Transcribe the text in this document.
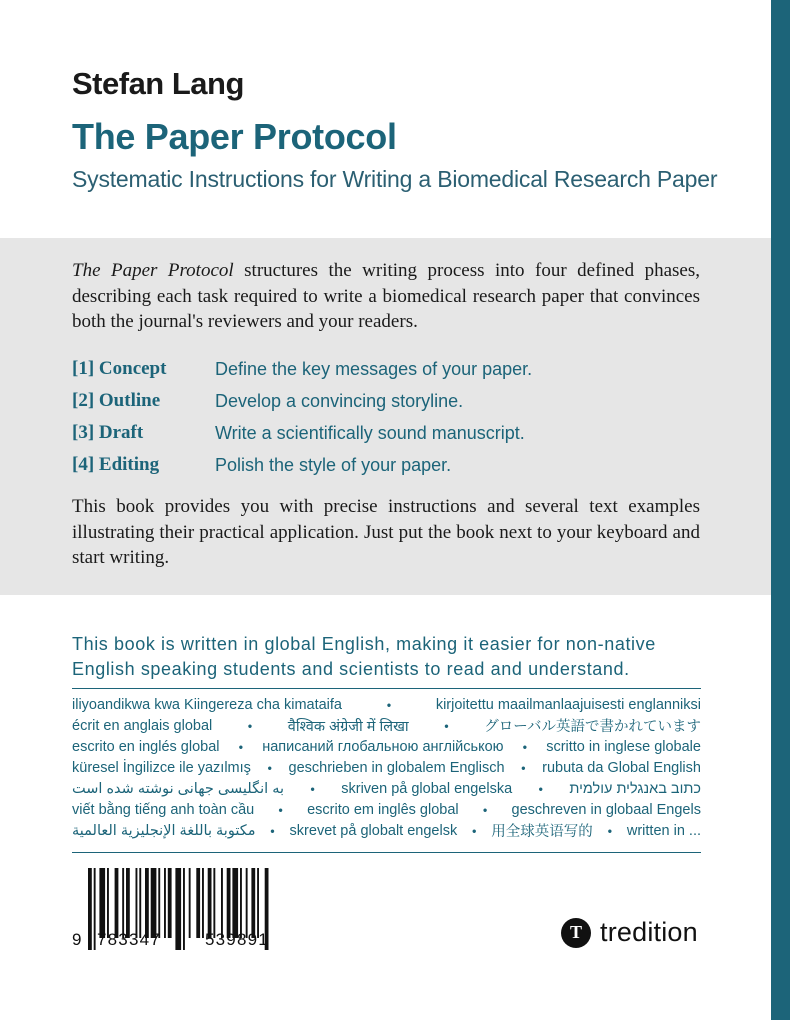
Stefan Lang
The Paper Protocol
Systematic Instructions for Writing a Biomedical Research Paper
The Paper Protocol structures the writing process into four defined phases, describing each task required to write a biomedical research paper that convinces both the journal's reviewers and your readers.
[1] Concept	Define the key messages of your paper.
[2] Outline	Develop a convincing storyline.
[3] Draft	Write a scientifically sound manuscript.
[4] Editing	Polish the style of your paper.
This book provides you with precise instructions and several text examples illustrating their practical application. Just put the book next to your keyboard and start writing.
This book is written in global English, making it easier for non-native
English speaking students and scientists to read and understand.
iliyoandikwa kwa Kiingereza cha kimataifa	•	kirjoitettu maailmanlaajuisesti englanniksi
écrit en anglais global	• वैश्विक अंग्रेजी में लिखा	• グローバル英語で書かれています
escrito en inglés global • написаний глобальною англійською • scritto in inglese globale
küresel İngilizce ile yazılmış • geschrieben in globalem Englisch • rubuta da Global English
به انگلیسی جهانی نوشته شده است • skriven på global engelska • כתוב באנגלית עולמית
viết bằng tiếng anh toàn cầu • escrito em inglês global • geschreven in globaal Engels
مكتوبة باللغة الإنجليزية العالمية • skrevet på globalt engelsk • 用全球英语写的 • written in ...
9 783347	539891	T tredition
